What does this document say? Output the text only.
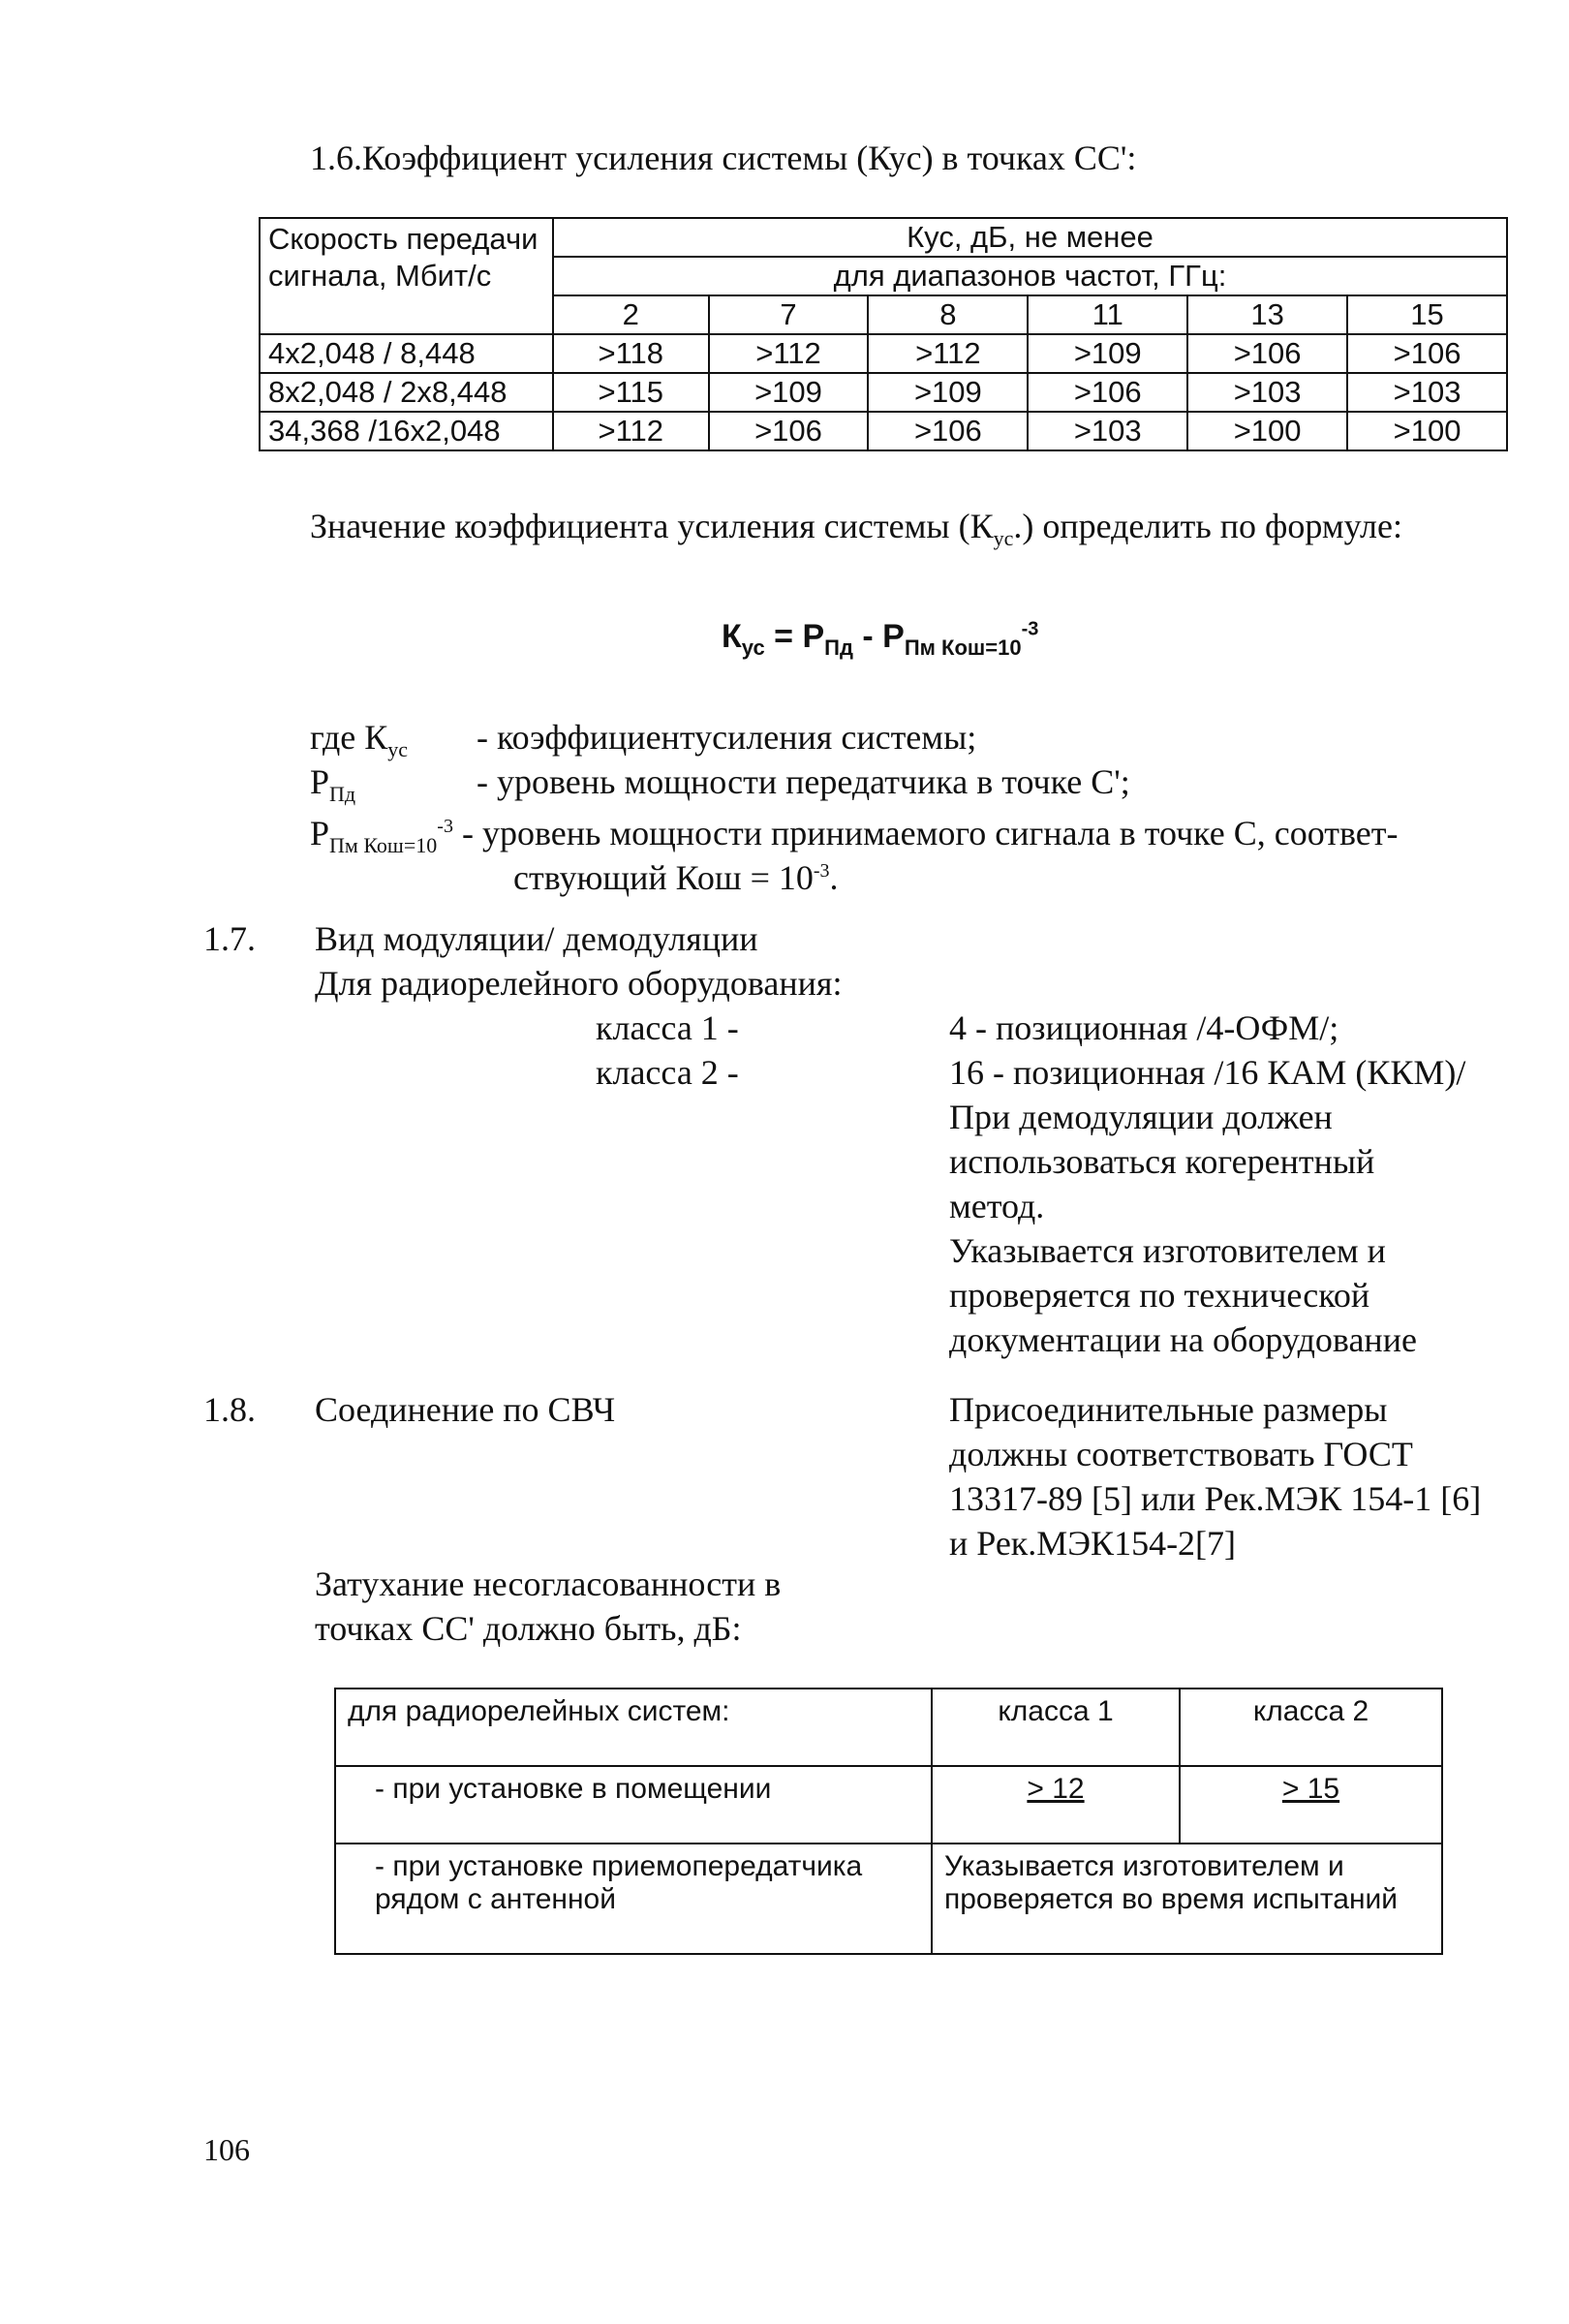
1.6.Коэффициент усиления системы (Кус) в точках СС':
Скорость передачи сигнала, Мбит/с	Кус, дБ, не менее					
	для диапазонов частот, ГГц:					
	2	7	8	11	13	15
4x2,048 / 8,448	>118	>112	>112	>109	>106	>106
8x2,048 / 2x8,448	>115	>109	>109	>106	>103	>103
34,368 /16x2,048	>112	>106	>106	>103	>100	>100
Значение коэффициента усиления системы $(К_{ус}.)$ определить по формуле:
$К_{ус} = Р_{Пд} - Р_{Пм Кош=10}^{-3}$
где $К_{ус}$ - коэффициентусиления системы;
$Р_{Пд}$	- уровень мощности передатчика в точке С';
$Р_{Пм Кош=10}^{-3}$ - уровень мощности принимаемого сигнала в точке С, соответ-
ствующий Кош = $10^{-3}$.
1.7. Вид модуляции/ демодуляции
Для радиорелейного оборудования:
класса 1 -	4 - позиционная /4-ОФМ/;
класса 2 -	16 - позиционная /16 КАМ (ККМ)/
При демодуляции должен
использоваться когерентный
метод.
Указывается изготовителем и
проверяется по технической
документации на оборудование
1.8. Соединение по СВЧ	Присоединительные размеры
должны соответствовать ГОСТ
13317-89 [5] или Рек.МЭК 154-1 [6]
и Рек.МЭК154-2[7]
Затухание несогласованности в
точках СС' должно быть, дБ:
для радиорелейных систем:	класса 1	класса 2
- при установке в помещении	> 12	> 15
- при установке приемопередатчика рядом с антенной	Указывается изготовителем и проверяется во время испытаний	
106
